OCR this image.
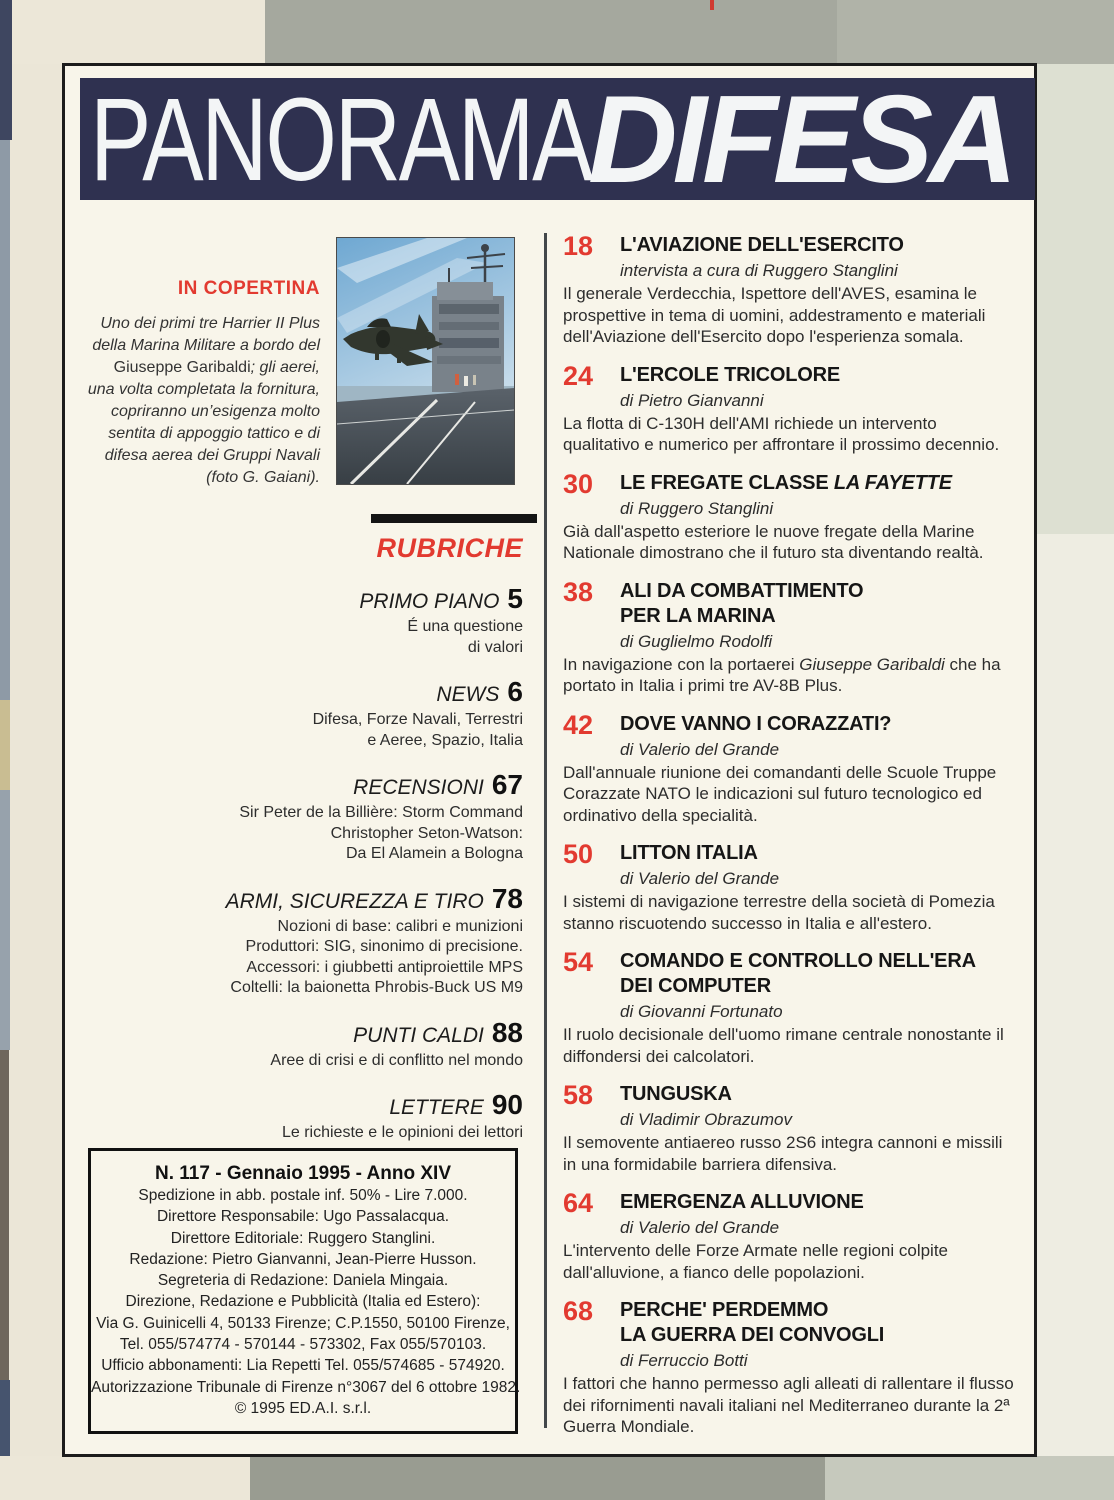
PANORAMA
DIFESA
IN COPERTINA
Uno dei primi tre Harrier II Plus della Marina Militare a bordo del Giuseppe Garibaldi; gli aerei, una volta completata la fornitura, copriranno un’esigenza molto sentita di appoggio tattico e di difesa aerea dei Gruppi Navali (foto G. Gaiani).
RUBRICHE
PRIMO PIANO 5
É una questione
di valori
NEWS 6
Difesa, Forze Navali, Terrestri
e Aeree, Spazio, Italia
RECENSIONI 67
Sir Peter de la Billière: Storm Command
Christopher Seton-Watson:
Da El Alamein a Bologna
ARMI, SICUREZZA E TIRO 78
Nozioni di base: calibri e munizioni
Produttori: SIG, sinonimo di precisione.
Accessori: i giubbetti antiproiettile MPS
Coltelli: la baionetta Phrobis-Buck US M9
PUNTI CALDI 88
Aree di crisi e di conflitto nel mondo
LETTERE 90
Le richieste e le opinioni dei lettori
N. 117 - Gennaio 1995 - Anno XIV
Spedizione in abb. postale inf. 50% - Lire 7.000.
Direttore Responsabile: Ugo Passalacqua.
Direttore Editoriale: Ruggero Stanglini.
Redazione: Pietro Gianvanni, Jean-Pierre Husson.
Segreteria di Redazione: Daniela Mingaia.
Direzione, Redazione e Pubblicità (Italia ed Estero):
Via G. Guinicelli 4, 50133 Firenze; C.P.1550, 50100 Firenze,
Tel. 055/574774 - 570144 - 573302, Fax 055/570103.
Ufficio abbonamenti: Lia Repetti Tel. 055/574685 - 574920.
Autorizzazione Tribunale di Firenze n°3067 del 6 ottobre 1982.
© 1995 ED.A.I. s.r.l.
18	L'AVIAZIONE DELL'ESERCITO
intervista a cura di Ruggero Stanglini
Il generale Verdecchia, Ispettore dell'AVES, esamina le prospettive in tema di uomini, addestramento e materiali dell'Aviazione dell'Esercito dopo l'esperienza somala.
24	L'ERCOLE TRICOLORE
di Pietro Gianvanni
La flotta di C-130H dell'AMI richiede un intervento qualitativo e numerico per affrontare il prossimo decennio.
30	LE FREGATE CLASSE LA FAYETTE
di Ruggero Stanglini
Già dall'aspetto esteriore le nuove fregate della Marine Nationale dimostrano che il futuro sta diventando realtà.
38	ALI DA COMBATTIMENTO
PER LA MARINA
di Guglielmo Rodolfi
In navigazione con la portaerei Giuseppe Garibaldi che ha portato in Italia i primi tre AV-8B Plus.
42	DOVE VANNO I CORAZZATI?
di Valerio del Grande
Dall'annuale riunione dei comandanti delle Scuole Truppe Corazzate NATO le indicazioni sul futuro tecnologico ed ordinativo della specialità.
50	LITTON ITALIA
di Valerio del Grande
I sistemi di navigazione terrestre della società di Pomezia stanno riscuotendo successo in Italia e all'estero.
54	COMANDO E CONTROLLO NELL'ERA
DEI COMPUTER
di Giovanni Fortunato
Il ruolo decisionale dell'uomo rimane centrale nonostante il diffondersi dei calcolatori.
58	TUNGUSKA
di Vladimir Obrazumov
Il semovente antiaereo russo 2S6 integra cannoni e missili in una formidabile barriera difensiva.
64	EMERGENZA ALLUVIONE
di Valerio del Grande
L'intervento delle Forze Armate nelle regioni colpite dall'alluvione, a fianco delle popolazioni.
68	PERCHE' PERDEMMO
LA GUERRA DEI CONVOGLI
di Ferruccio Botti
I fattori che hanno permesso agli alleati di rallentare il flusso dei rifornimenti navali italiani nel Mediterraneo durante la 2ª Guerra Mondiale.
